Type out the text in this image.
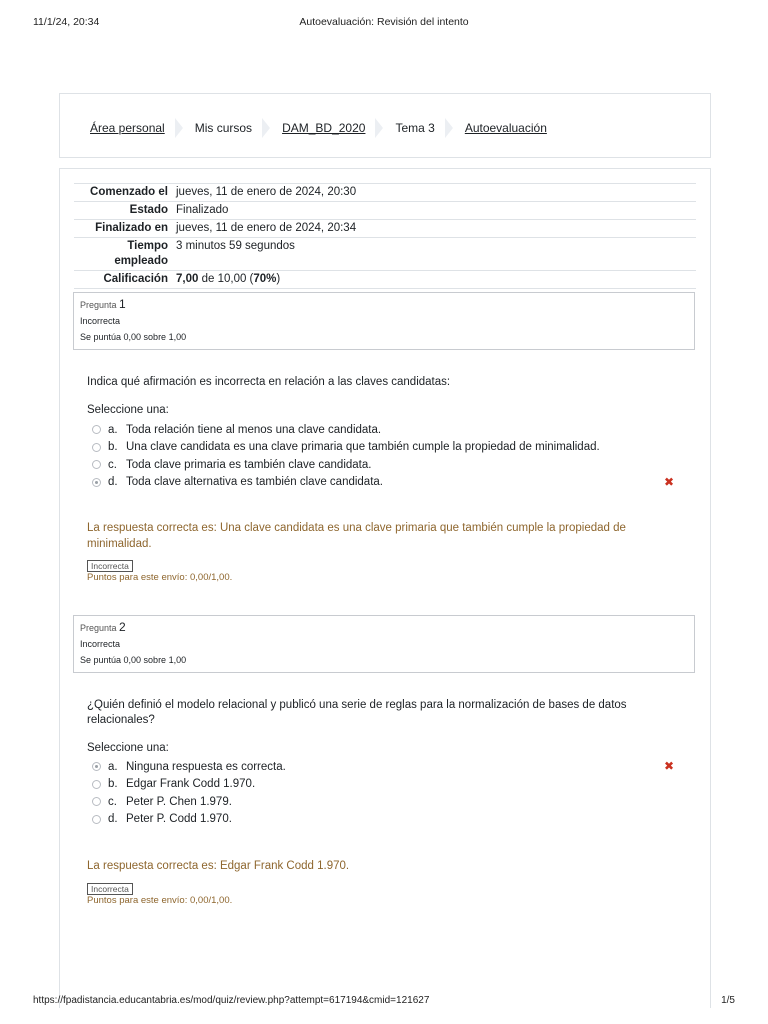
11/1/24, 20:34	Autoevaluación: Revisión del intento
Área personal	Mis cursos	DAM_BD_2020	Tema 3	Autoevaluación
Comenzado el	jueves, 11 de enero de 2024, 20:30
Estado	Finalizado
Finalizado en	jueves, 11 de enero de 2024, 20:34
Tiempo
empleado	3 minutos 59 segundos
Calificación	7,00 de 10,00 (70%)
Pregunta 1
Incorrecta
Se puntúa 0,00 sobre 1,00
Indica qué afirmación es incorrecta en relación a las claves candidatas:
Seleccione una:
a. Toda relación tiene al menos una clave candidata.
b. Una clave candidata es una clave primaria que también cumple la propiedad de minimalidad.
c. Toda clave primaria es también clave candidata.
d. Toda clave alternativa es también clave candidata.	✖
La respuesta correcta es: Una clave candidata es una clave primaria que también cumple la propiedad de minimalidad.
Incorrecta
Puntos para este envío: 0,00/1,00.
Pregunta 2
Incorrecta
Se puntúa 0,00 sobre 1,00
¿Quién definió el modelo relacional y publicó una serie de reglas para la normalización de bases de datos relacionales?
Seleccione una:
a. Ninguna respuesta es correcta.	✖
b. Edgar Frank Codd 1.970.
c. Peter P. Chen 1.979.
d. Peter P. Codd 1.970.
La respuesta correcta es: Edgar Frank Codd 1.970.
Incorrecta
Puntos para este envío: 0,00/1,00.
https://fpadistancia.educantabria.es/mod/quiz/review.php?attempt=617194&cmid=121627	1/5
